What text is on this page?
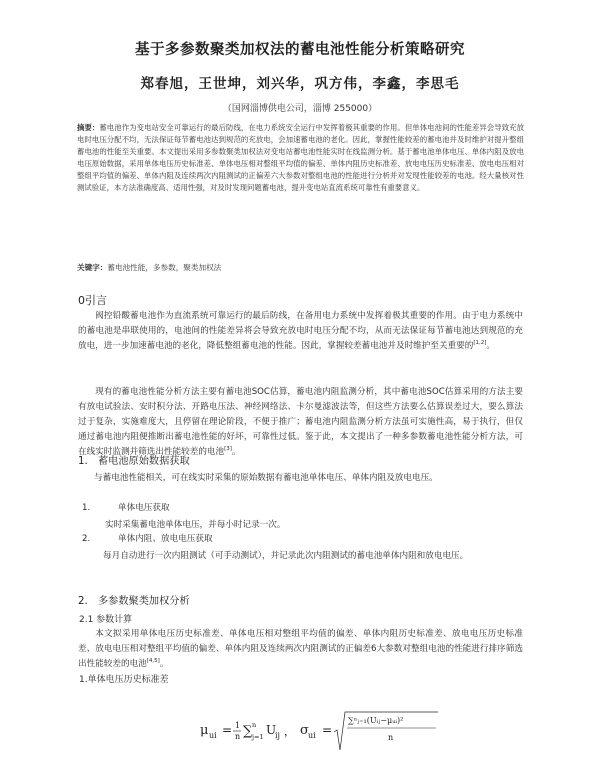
基于多参数聚类加权法的蓄电池性能分析策略研究
郑春旭，王世坤，刘兴华，巩方伟，李鑫，李思毛
（国网淄博供电公司，淄博 255000）
摘要：蓄电池作为变电站安全可靠运行的最后防线，在电力系统安全运行中发挥着极其重要的作用。但单体电池间的性能差异会导致充放电时电压分配不均，无法保证每节蓄电池达到规范的充放电，会加速蓄电池的老化。因此，掌握性能较差的蓄电池并及时维护对提升整组蓄电池的性能至关重要。本文提出采用多参数聚类加权法对变电站蓄电池性能实时在线监测分析。基于蓄电池单体电压、单体内阻及放电电压原始数据，采用单体电压历史标准差、单体电压相对整组平均值的偏差、单体内阻历史标准差、放电电压历史标准差、放电电压相对整组平均值的偏差、单体内阻及连续两次内阻测试的正偏差六大参数对整组电池的性能进行分析并对发现性能较差的电池。经大量核对性测试验证，本方法准确度高、适用性强，对及时发现问题蓄电池，提升变电站直流系统可靠性有重要意义。
关键字：蓄电池性能，多参数，聚类加权法
0引言
阀控铅酸蓄电池作为直流系统可靠运行的最后防线，在备用电力系统中发挥着极其重要的作用。由于电力系统中的蓄电池是串联使用的，电池间的性能差异将会导致充放电时电压分配不均，从而无法保证每节蓄电池达到规范的充放电，进一步加速蓄电池的老化，降低整组蓄电池的性能。因此，掌握较差蓄电池并及时维护至关重要的[1,2]。
现有的蓄电池性能分析方法主要有蓄电池SOC估算，蓄电池内阻监测分析，其中蓄电池SOC估算采用的方法主要有放电试验法、安时积分法、开路电压法、神经网络法、卡尔曼滤波法等，但这些方法要么估算误差过大，要么算法过于复杂，实施难度大，且停留在理论阶段，不便于推广；蓄电池内阻监测分析方法虽可实施性高，易于执行，但仅通过蓄电池内阻便推断出蓄电池性能的好坏，可靠性过低。鉴于此，本文提出了一种多参数蓄电池性能分析方法，可在线实时监测并筛选出性能较差的电池[3]。
1. 蓄电池原始数据获取
与蓄电池性能相关，可在线实时采集的原始数据有蓄电池单体电压、单体内阻及放电电压。
1.	单体电压获取
实时采集蓄电池单体电压，并每小时记录一次。
2.	单体内阻、放电电压获取
每月自动进行一次内阻测试（可手动测试），并记录此次内阻测试的蓄电池单体内阻和放电电压。
2. 多参数聚类加权分析
2.1 参数计算
本文拟采用单体电压历史标准差、单体电压相对整组平均值的偏差、单体内阻历史标准差、放电电压历史标准差、放电电压相对整组平均值的偏差、单体内阻及连续两次内阻测试的正偏差6大参数对整组电池的性能进行排序筛选出性能较差的电池[4,5]。
1.单体电压历史标准差
μ ui = 1
n ∑ n
j=1 U
ij ， σ ui =
∑ⁿⱼ₌₁(Uᵢⱼ−μᵤᵢ)²
n
